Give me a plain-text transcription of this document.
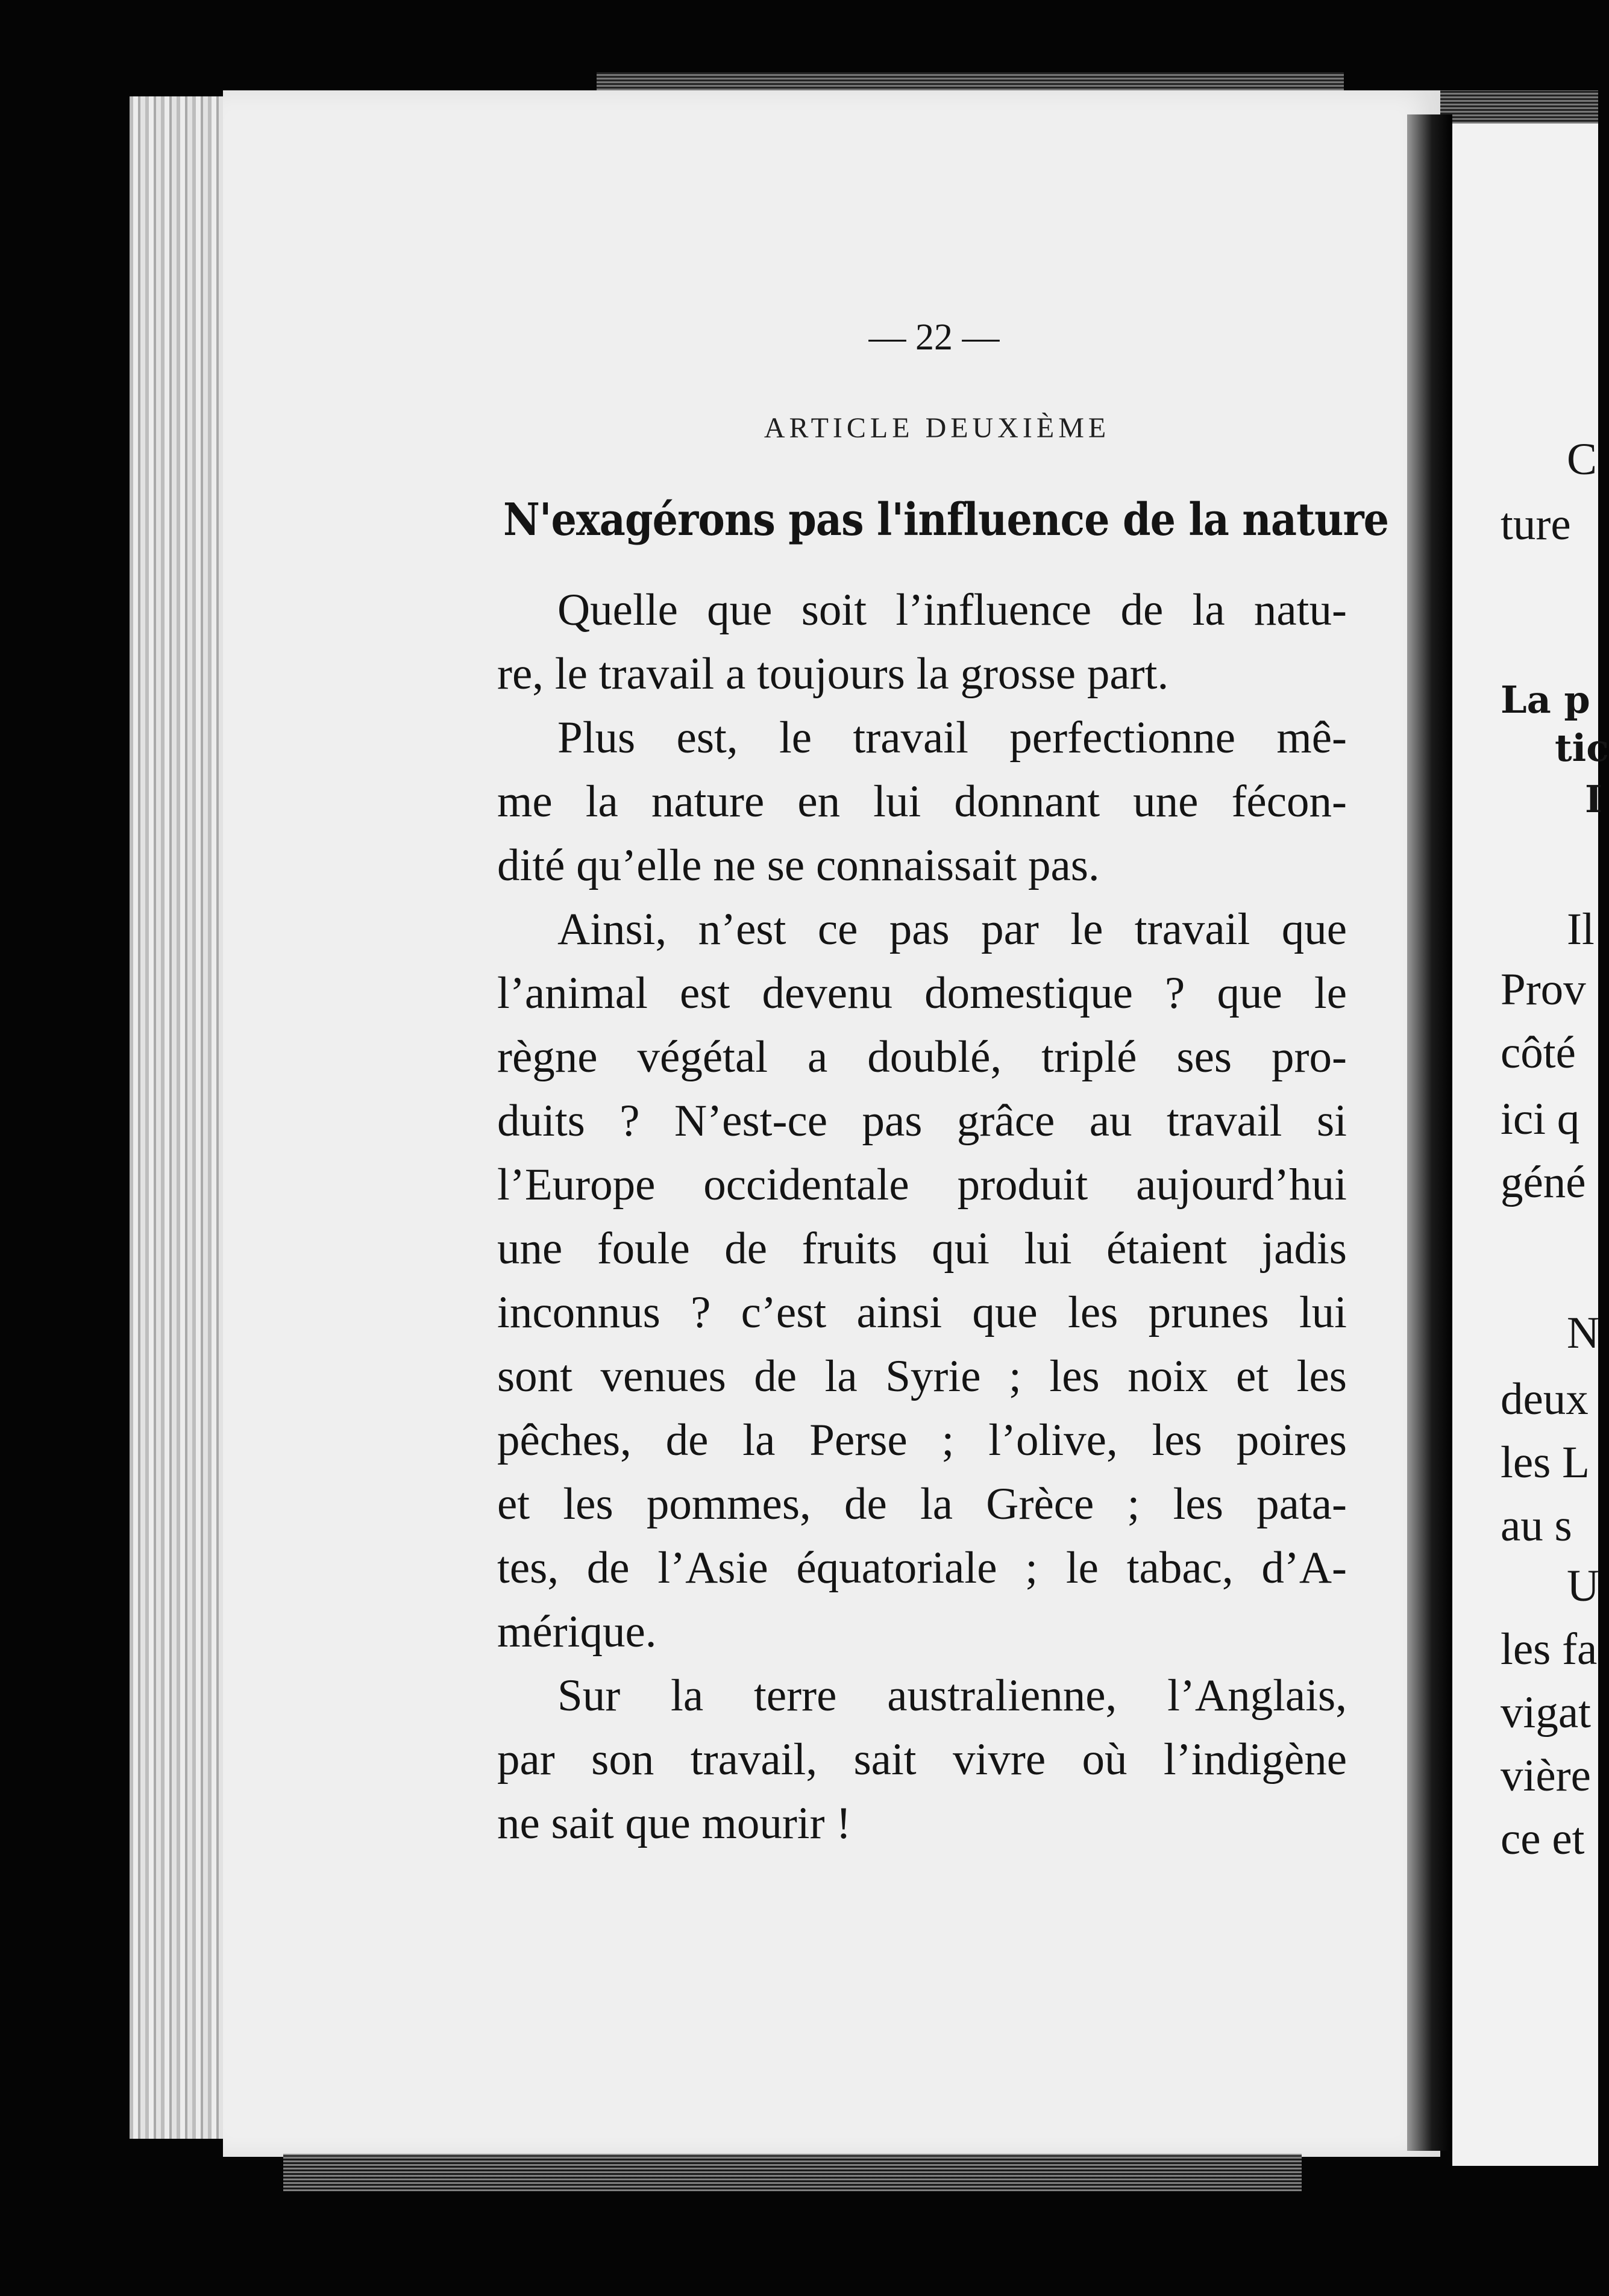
— 22 —
ARTICLE DEUXIÈME
N'exagérons pas l'influence de la nature
Quelle que soit l’influence de la natu-
re, le travail a toujours la grosse part.
Plus est, le travail perfectionne mê-
me la nature en lui donnant une fécon-
dité qu’elle ne se connaissait pas.
Ainsi, n’est ce pas par le travail que
l’animal est devenu domestique ? que le
règne végétal a doublé, triplé ses pro-
duits ? N’est-ce pas grâce au travail si
l’Europe occidentale produit aujourd’hui
une foule de fruits qui lui étaient jadis
inconnus ? c’est ainsi que les prunes lui
sont venues de la Syrie ; les noix et les
pêches, de la Perse ; l’olive, les poires
et les pommes, de la Grèce ; les pata-
tes, de l’Asie équatoriale ; le tabac, d’A-
mérique.
Sur la terre australienne, l’Anglais,
par son travail, sait vivre où l’indigène
ne sait que mourir !
C
ture
La p
tic
I
Il
Prov
côté
ici q
géné
N
deux
les L
au s
U
les fa
vigat
vière
ce et
